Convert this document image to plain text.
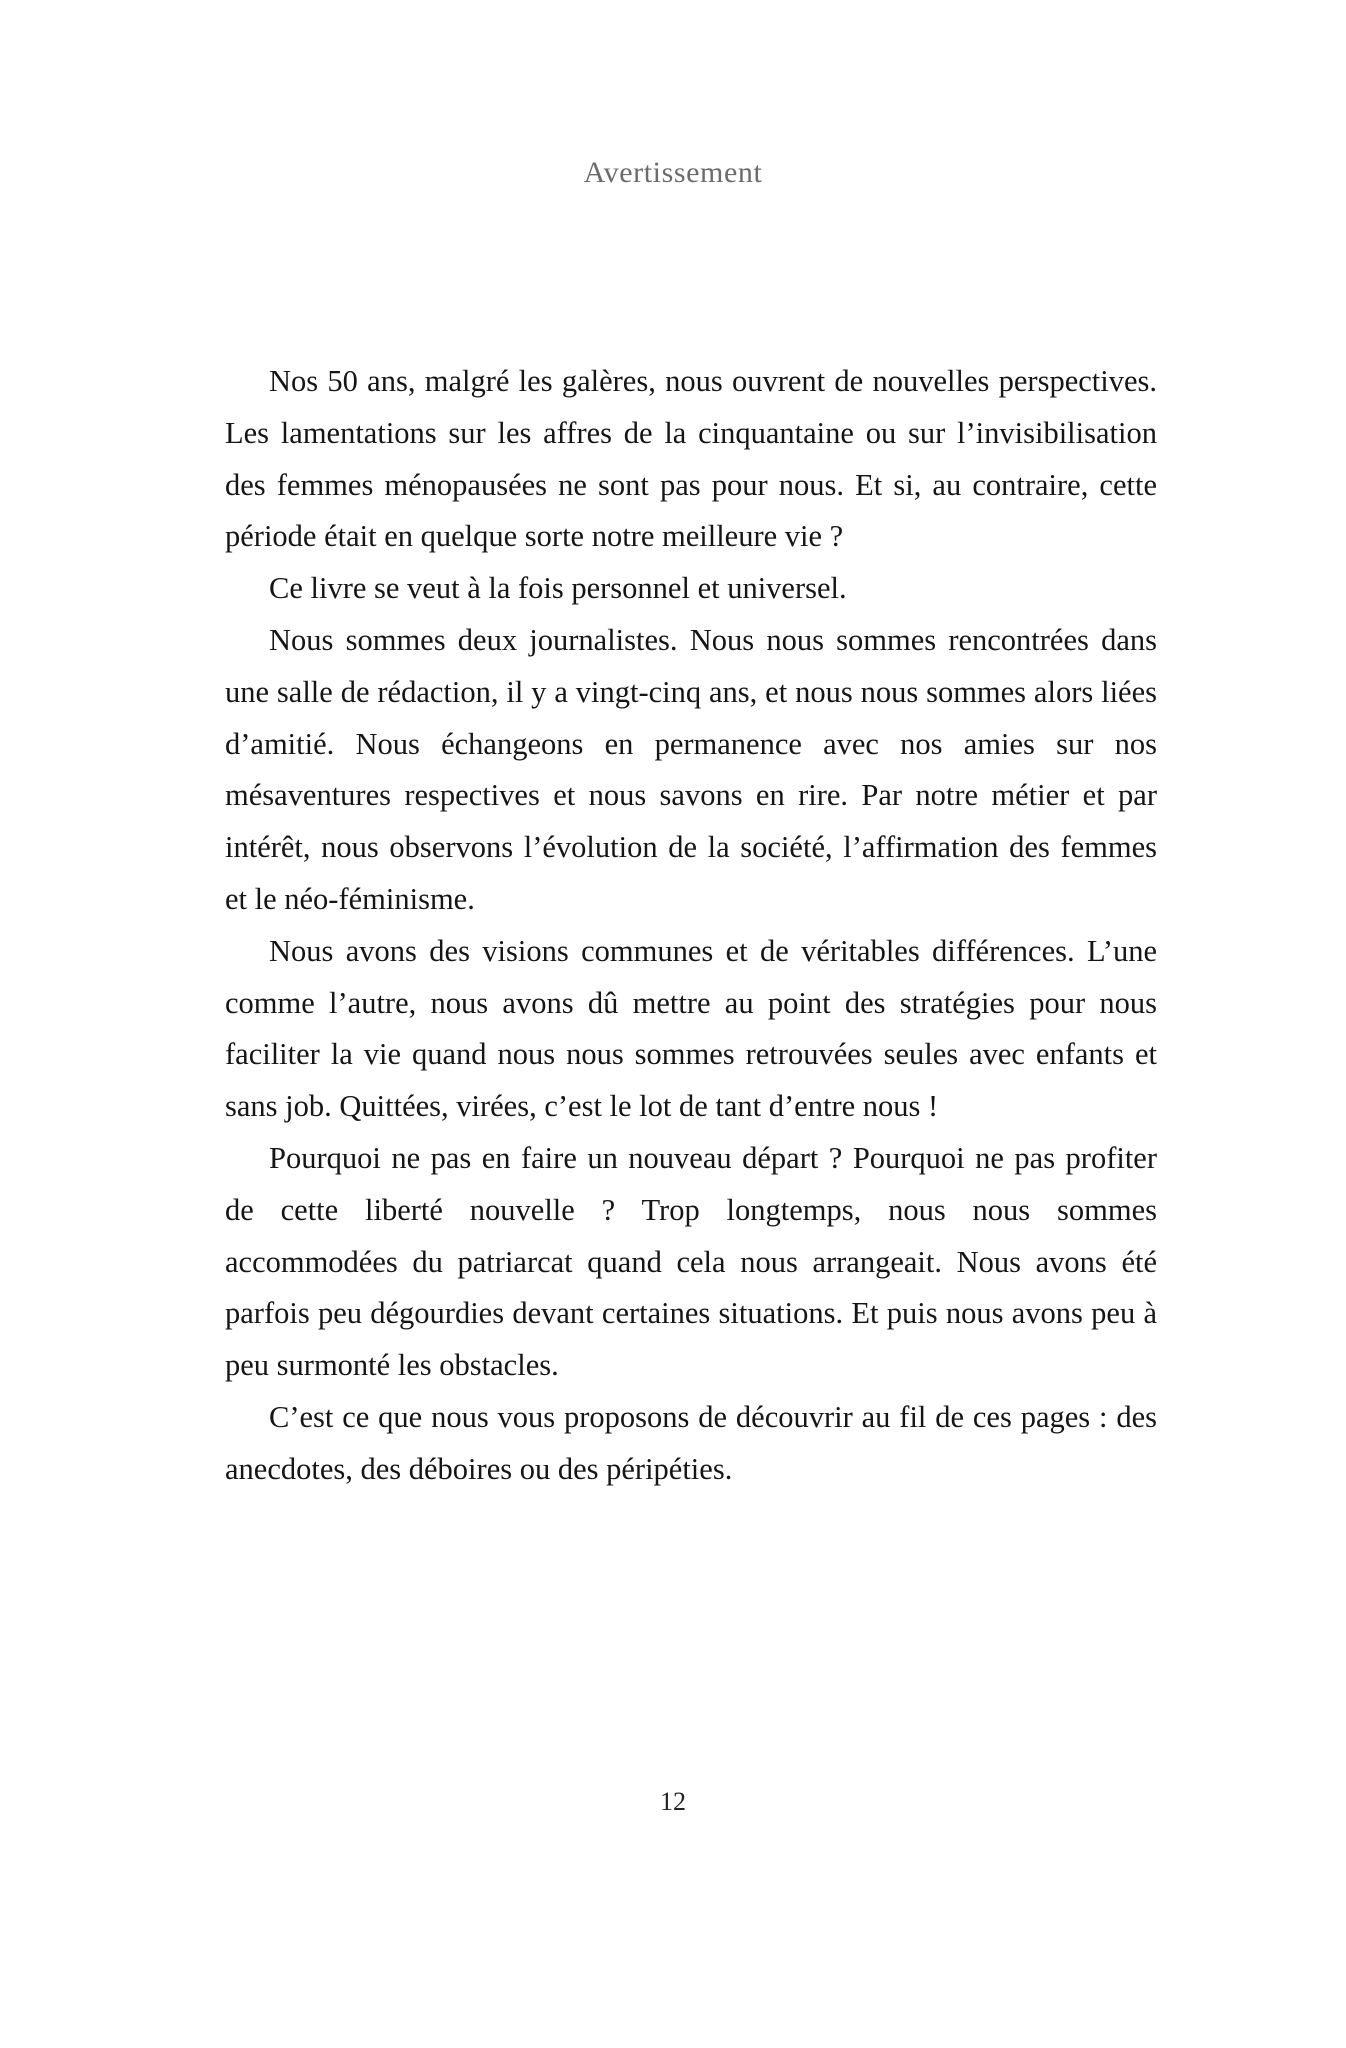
Avertissement

Nos 50 ans, malgré les galères, nous ouvrent de nouvelles perspectives. Les lamentations sur les affres de la cinquantaine ou sur l’invisibilisation des femmes ménopausées ne sont pas pour nous. Et si, au contraire, cette période était en quelque sorte notre meilleure vie ?

Ce livre se veut à la fois personnel et universel.

Nous sommes deux journalistes. Nous nous sommes rencontrées dans une salle de rédaction, il y a vingt-cinq ans, et nous nous sommes alors liées d’amitié. Nous échangeons en permanence avec nos amies sur nos mésaventures respectives et nous savons en rire. Par notre métier et par intérêt, nous observons l’évolution de la société, l’affirmation des femmes et le néo-féminisme.

Nous avons des visions communes et de véritables différences. L’une comme l’autre, nous avons dû mettre au point des stratégies pour nous faciliter la vie quand nous nous sommes retrouvées seules avec enfants et sans job. Quittées, virées, c’est le lot de tant d’entre nous !

Pourquoi ne pas en faire un nouveau départ ? Pourquoi ne pas profiter de cette liberté nouvelle ? Trop longtemps, nous nous sommes accommodées du patriarcat quand cela nous arrangeait. Nous avons été parfois peu dégourdies devant certaines situations. Et puis nous avons peu à peu surmonté les obstacles.

C’est ce que nous vous proposons de découvrir au fil de ces pages : des anecdotes, des déboires ou des péripéties.

12
